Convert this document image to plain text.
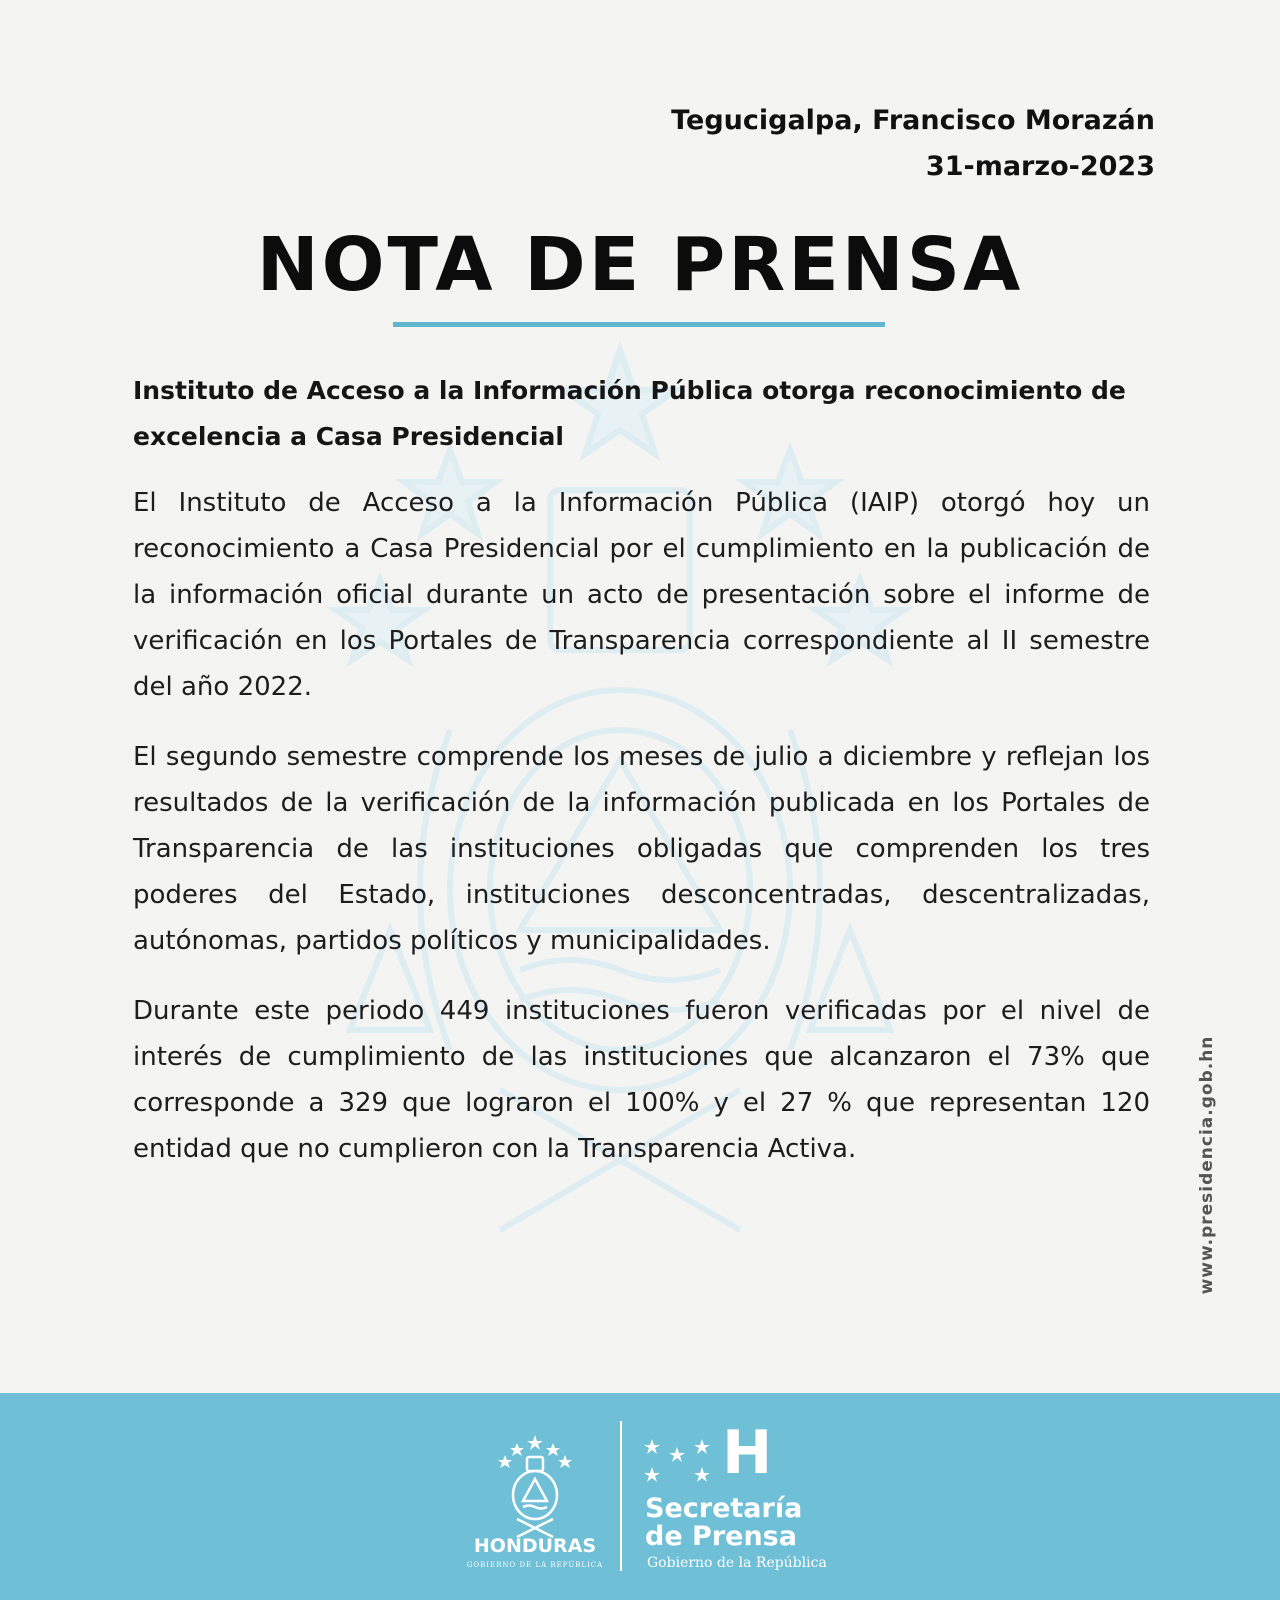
Tegucigalpa, Francisco Morazán
31-marzo-2023
NOTA DE PRENSA

Instituto de Acceso a la Información Pública otorga reconocimiento de excelencia a Casa Presidencial

El Instituto de Acceso a la Información Pública (IAIP) otorgó hoy un reconocimiento a Casa Presidencial por el cumplimiento en la publicación de la información oficial durante un acto de presentación sobre el informe de verificación en los Portales de Transparencia correspondiente al II semestre del año 2022.

El segundo semestre comprende los meses de julio a diciembre y reflejan los resultados de la verificación de la información publicada en los Portales de Transparencia de las instituciones obligadas que comprenden los tres poderes del Estado, instituciones desconcentradas, descentralizadas, autónomas, partidos políticos y municipalidades.

Durante este periodo 449 instituciones fueron verificadas por el nivel de interés de cumplimiento de las instituciones que alcanzaron el 73% que corresponde a 329 que lograron el 100% y el 27 % que representan 120 entidad que no cumplieron con la Transparencia Activa.	www.presidencia.gob.hn
HONDURAS
GOBIERNO DE LA REPÚBLICA
H
Secretaría
de Prensa
Gobierno de la República
